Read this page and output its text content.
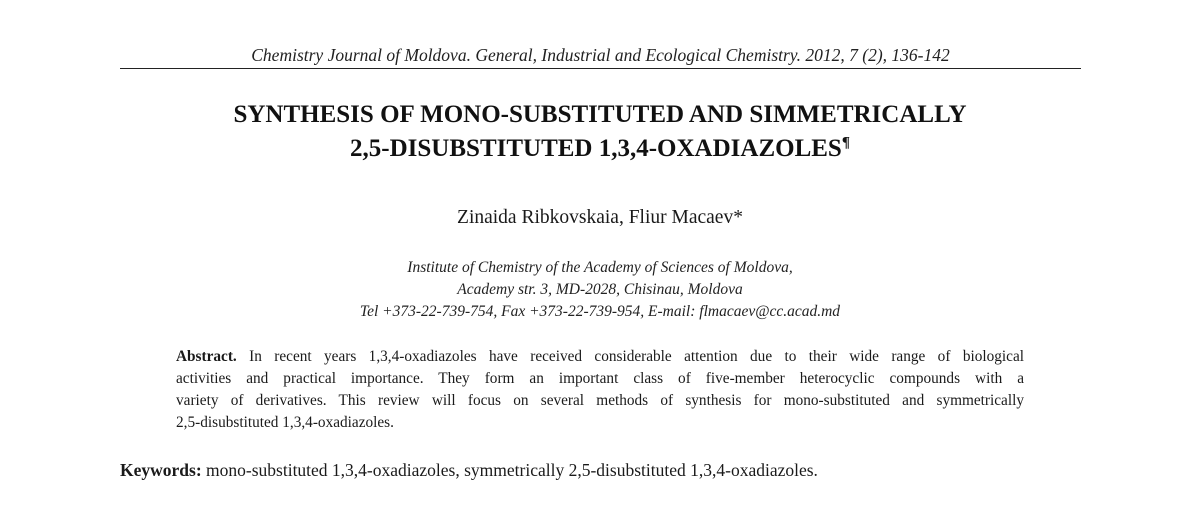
Chemistry Journal of Moldova. General, Industrial and Ecological Chemistry. 2012, 7 (2), 136-142
SYNTHESIS OF MONO-SUBSTITUTED AND SIMMETRICALLY
2,5-DISUBSTITUTED 1,3,4-OXADIAZOLES¶
Zinaida Ribkovskaia, Fliur Macaev*
Institute of Chemistry of the Academy of Sciences of Moldova,
Academy str. 3, MD-2028, Chisinau, Moldova
Tel +373-22-739-754, Fax +373-22-739-954, E-mail: flmacaev@cc.acad.md
Abstract. In recent years 1,3,4-oxadiazoles have received considerable attention due to their wide range of biological
activities and practical importance. They form an important class of five-member heterocyclic compounds with a
variety of derivatives. This review will focus on several methods of synthesis for mono-substituted and symmetrically
2,5-disubstituted 1,3,4-oxadiazoles.
Keywords: mono-substituted 1,3,4-oxadiazoles, symmetrically 2,5-disubstituted 1,3,4-oxadiazoles.
